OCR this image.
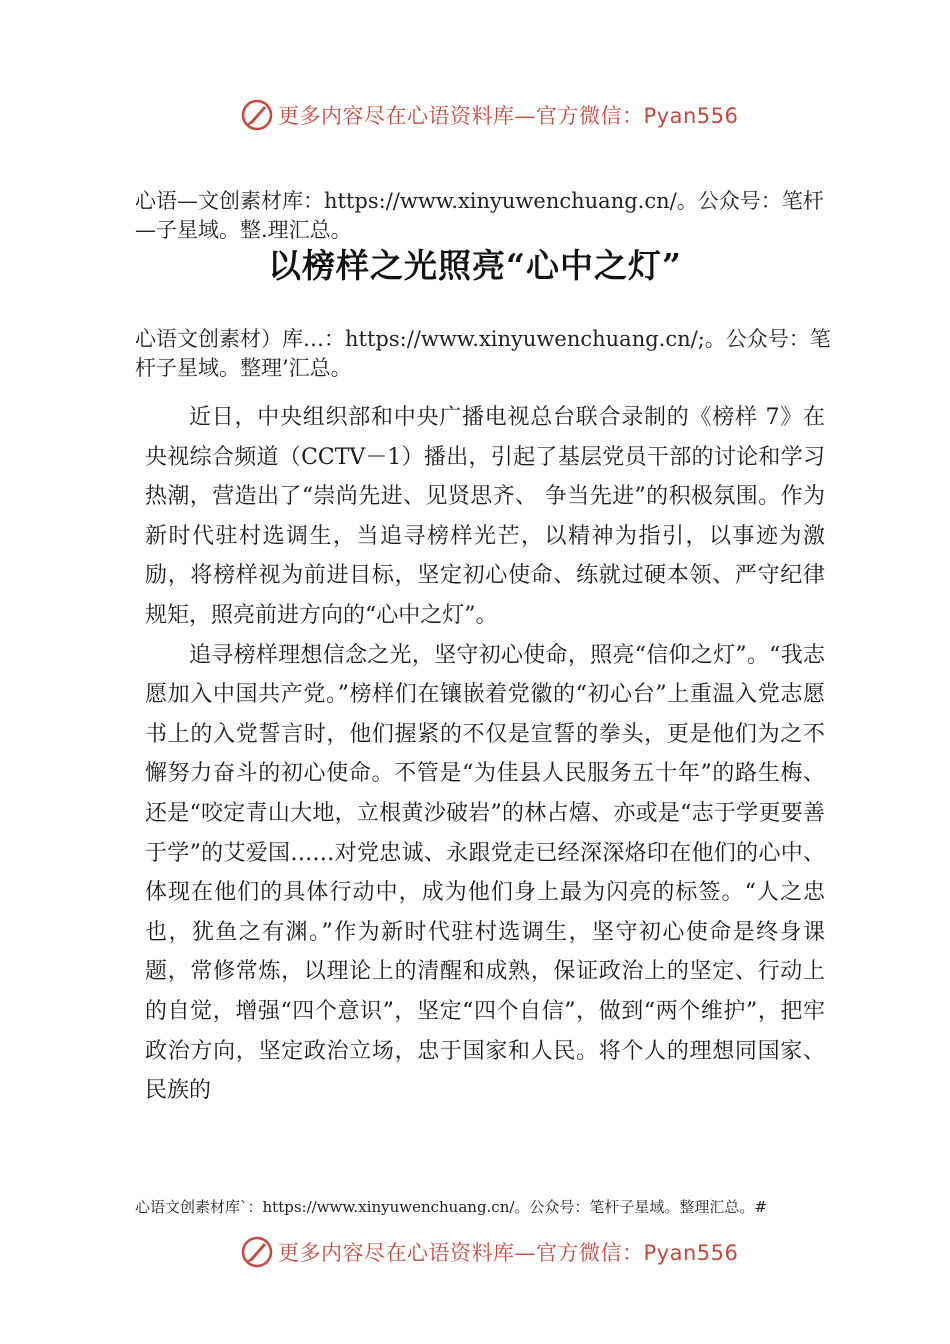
更多内容尽在心语资料库—官方微信：Pyan556
心语—文创素材库：https://www.xinyuwenchuang.cn/。公众号：笔杆—子星域。整.理汇总。
以榜样之光照亮“心中之灯”
心语文创素材）库…：https://www.xinyuwenchuang.cn/;。公众号：笔杆子星域。整理’汇总。

近日，中央组织部和中央广播电视总台联合录制的《榜样 7》在央视综合频道（CCTV－1）播出，引起了基层党员干部的讨论和学习热潮，营造出了“崇尚先进、见贤思齐、 争当先进”的积极氛围。作为新时代驻村选调生，当追寻榜样光芒，以精神为指引，以事迹为激励，将榜样视为前进目标，坚定初心使命、练就过硬本领、严守纪律规矩，照亮前进方向的“心中之灯”。

追寻榜样理想信念之光，坚守初心使命，照亮“信仰之灯”。“我志愿加入中国共产党。”榜样们在镶嵌着党徽的“初心台”上重温入党志愿书上的入党誓言时，他们握紧的不仅是宣誓的拳头，更是他们为之不懈努力奋斗的初心使命。不管是“为佳县人民服务五十年”的路生梅、还是“咬定青山大地，立根黄沙破岩”的林占熺、亦或是“志于学更要善于学”的艾爱国……对党忠诚、永跟党走已经深深烙印在他们的心中、体现在他们的具体行动中，成为他们身上最为闪亮的标签。“人之忠也，犹鱼之有渊。”作为新时代驻村选调生，坚守初心使命是终身课题，常修常炼，以理论上的清醒和成熟，保证政治上的坚定、行动上的自觉，增强“四个意识”，坚定“四个自信”，做到“两个维护”，把牢政治方向，坚定政治立场，忠于国家和人民。将个人的理想同国家、民族的

心语文创素材库`：https://www.xinyuwenchuang.cn/。公众号：笔杆子星域。整理汇总。#
更多内容尽在心语资料库—官方微信：Pyan556
